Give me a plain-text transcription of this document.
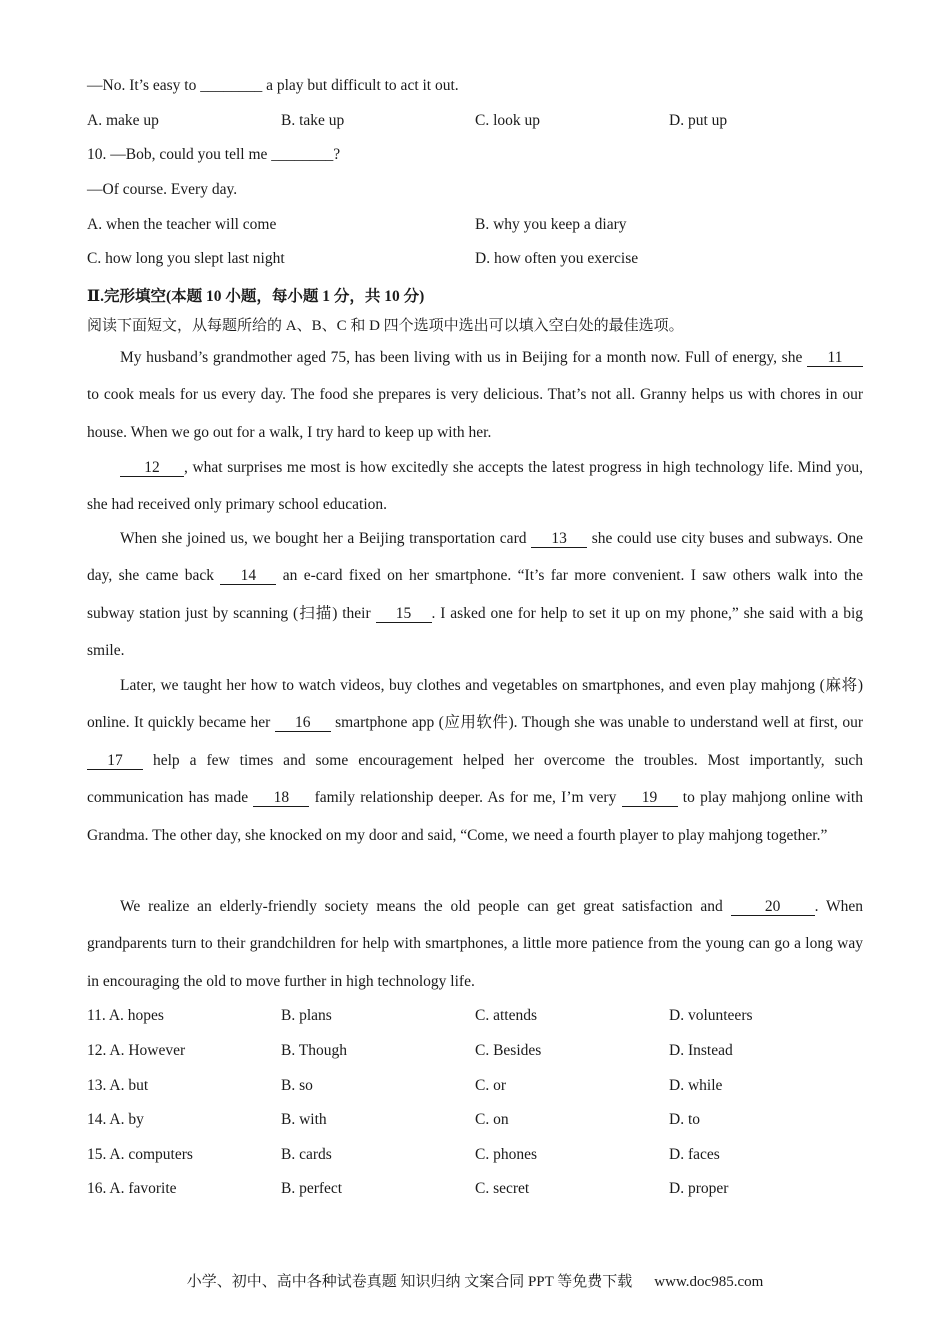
—No. It’s easy to ________ a play but difficult to act it out.
A. make up	B. take up	C. look up	D. put up
10. —Bob, could you tell me ________?
—Of course. Every day.
A. when the teacher will come	B. why you keep a diary
C. how long you slept last night	D. how often you exercise
Ⅱ.完形填空(本题 10 小题，每小题 1 分，共 10 分)
阅读下面短文，从每题所给的 A、B、C 和 D 四个选项中选出可以填入空白处的最佳选项。
My husband’s grandmother aged 75, has been living with us in Beijing for a month now. Full of energy, she 11 to cook meals for us every day. The food she prepares is very delicious. That’s not all. Granny helps us with chores in our house. When we go out for a walk, I try hard to keep up with her.
12 , what surprises me most is how excitedly she accepts the latest progress in high technology life. Mind you, she had received only primary school education.
When she joined us, we bought her a Beijing transportation card 13 she could use city buses and subways. One day, she came back 14 an e-card fixed on her smartphone. “It’s far more convenient. I saw others walk into the subway station just by scanning (扫描) their 15 . I asked one for help to set it up on my phone,” she said with a big smile.
Later, we taught her how to watch videos, buy clothes and vegetables on smartphones, and even play mahjong (麻将) online. It quickly became her 16 smartphone app (应用软件). Though she was unable to understand well at first, our 17 help a few times and some encouragement helped her overcome the troubles. Most importantly, such communication has made 18 family relationship deeper. As for me, I’m very 19 to play mahjong online with Grandma. The other day, she knocked on my door and said, “Come, we need a fourth player to play mahjong together.”
We realize an elderly-friendly society means the old people can get great satisfaction and 20 . When grandparents turn to their grandchildren for help with smartphones, a little more patience from the young can go a long way in encouraging the old to move further in high technology life.
11. A. hopes	B. plans	C. attends	D. volunteers
12. A. However	B. Though	C. Besides	D. Instead
13. A. but	B. so	C. or	D. while
14. A. by	B. with	C. on	D. to
15. A. computers	B. cards	C. phones	D. faces
16. A. favorite	B. perfect	C. secret	D. proper
小学、初中、高中各种试卷真题 知识归纳 文案合同 PPT 等免费下载 www.doc985.com
